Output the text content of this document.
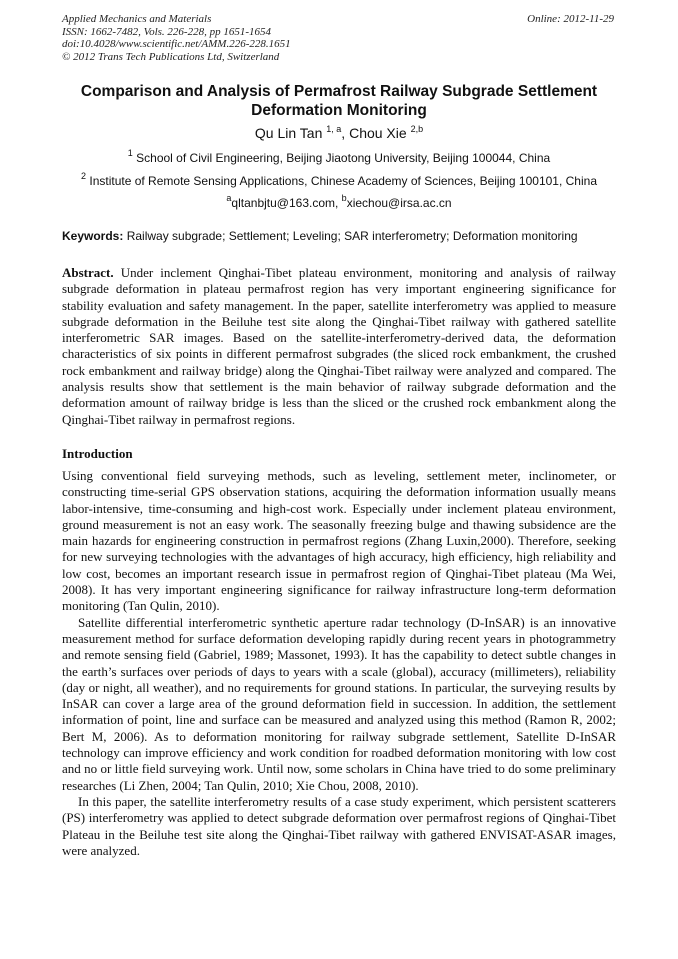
Applied Mechanics and Materials
ISSN: 1662-7482, Vols. 226-228, pp 1651-1654
doi:10.4028/www.scientific.net/AMM.226-228.1651
© 2012 Trans Tech Publications Ltd, Switzerland
Online: 2012-11-29
Comparison and Analysis of Permafrost Railway Subgrade Settlement Deformation Monitoring
Qu Lin Tan $^{1, a}$, Chou Xie $^{2,b}$
$^1$ School of Civil Engineering, Beijing Jiaotong University, Beijing 100044, China
$^2$ Institute of Remote Sensing Applications, Chinese Academy of Sciences, Beijing 100101, China
$^a$qltanbjtu@163.com, $^b$xiechou@irsa.ac.cn
Keywords: Railway subgrade; Settlement; Leveling; SAR interferometry; Deformation monitoring
Abstract. Under inclement Qinghai-Tibet plateau environment, monitoring and analysis of railway subgrade deformation in plateau permafrost region has very important engineering significance for stability evaluation and safety management. In the paper, satellite interferometry was applied to measure subgrade deformation in the Beiluhe test site along the Qinghai-Tibet railway with gathered satellite interferometric SAR images. Based on the satellite-interferometry-derived data, the deformation characteristics of six points in different permafrost subgrades (the sliced rock embankment, the crushed rock embankment and railway bridge) along the Qinghai-Tibet railway were analyzed and compared. The analysis results show that settlement is the main behavior of railway subgrade deformation and the deformation amount of railway bridge is less than the sliced or the crushed rock embankment along the Qinghai-Tibet railway in permafrost regions.
Introduction

Using conventional field surveying methods, such as leveling, settlement meter, inclinometer, or constructing time-serial GPS observation stations, acquiring the deformation information usually means labor-intensive, time-consuming and high-cost work. Especially under inclement plateau environment, ground measurement is not an easy work. The seasonally freezing bulge and thawing subsidence are the main hazards for engineering construction in permafrost regions (Zhang Luxin,2000). Therefore, seeking for new surveying technologies with the advantages of high accuracy, high efficiency, high reliability and low cost, becomes an important research issue in permafrost region of Qinghai-Tibet plateau (Ma Wei, 2008). It has very important engineering significance for railway infrastructure long-term deformation monitoring (Tan Qulin, 2010).

Satellite differential interferometric synthetic aperture radar technology (D-InSAR) is an innovative measurement method for surface deformation developing rapidly during recent years in photogrammetry and remote sensing field (Gabriel, 1989; Massonet, 1993). It has the capability to detect subtle changes in the earth’s surfaces over periods of days to years with a scale (global), accuracy (millimeters), reliability (day or night, all weather), and no requirements for ground stations. In particular, the surveying results by InSAR can cover a large area of the ground deformation field in succession. In addition, the settlement information of point, line and surface can be measured and analyzed using this method (Ramon R, 2002; Bert M, 2006). As to deformation monitoring for railway subgrade settlement, Satellite D-InSAR technology can improve efficiency and work condition for roadbed deformation monitoring with low cost and no or little field surveying work. Until now, some scholars in China have tried to do some preliminary researches (Li Zhen, 2004; Tan Qulin, 2010; Xie Chou, 2008, 2010).

In this paper, the satellite interferometry results of a case study experiment, which persistent scatterers (PS) interferometry was applied to detect subgrade deformation over permafrost regions of Qinghai-Tibet Plateau in the Beiluhe test site along the Qinghai-Tibet railway with gathered ENVISAT-ASAR images, were analyzed.
